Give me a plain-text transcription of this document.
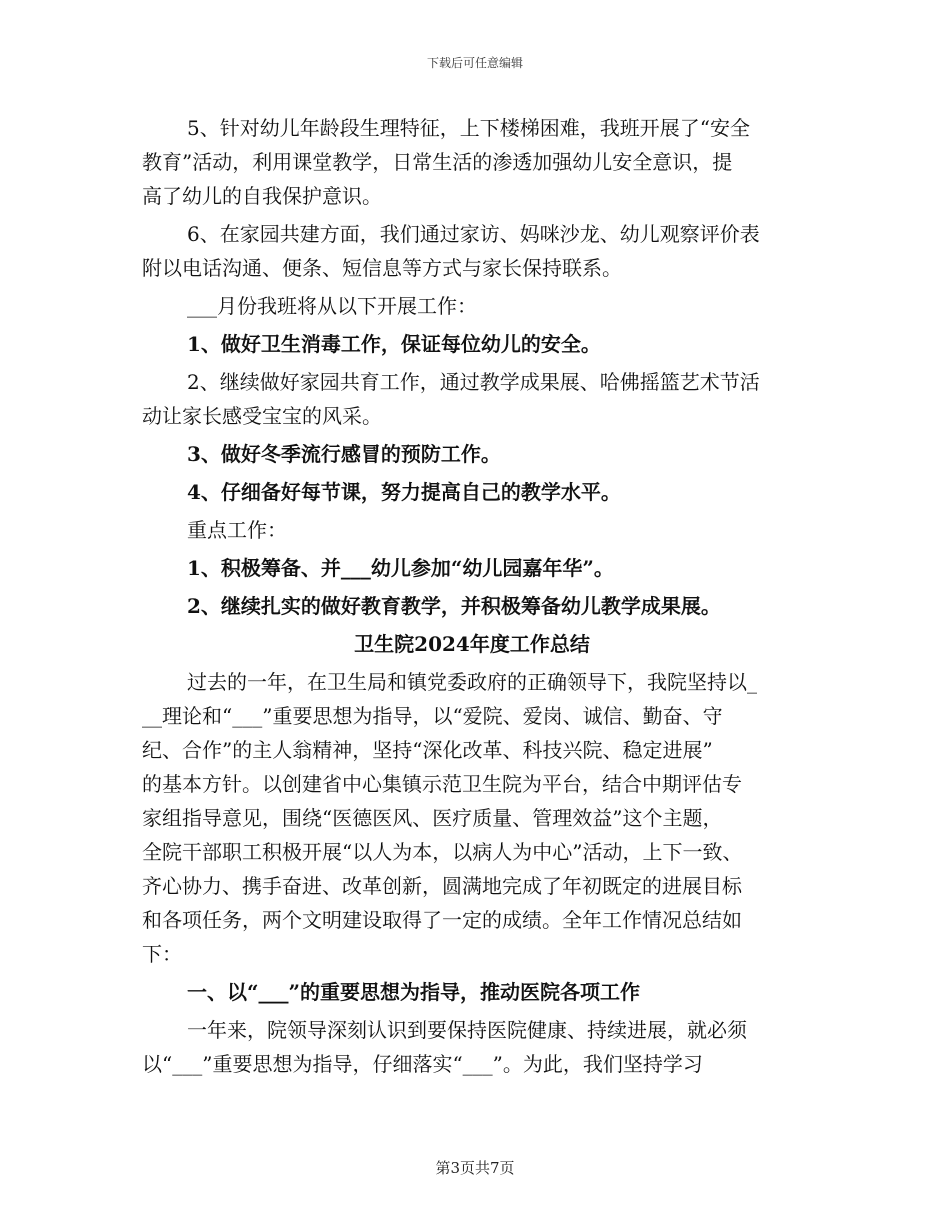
下载后可任意编辑
5、针对幼儿年龄段生理特征，上下楼梯困难，我班开展了“安全
教育”活动，利用课堂教学，日常生活的渗透加强幼儿安全意识，提
高了幼儿的自我保护意识。
6、在家园共建方面，我们通过家访、妈咪沙龙、幼儿观察评价表
附以电话沟通、便条、短信息等方式与家长保持联系。
___月份我班将从以下开展工作：
1、做好卫生消毒工作，保证每位幼儿的安全。
2、继续做好家园共育工作，通过教学成果展、哈佛摇篮艺术节活
动让家长感受宝宝的风采。
3、做好冬季流行感冒的预防工作。
4、仔细备好每节课，努力提高自己的教学水平。
重点工作：
1、积极筹备、并___幼儿参加“幼儿园嘉年华”。
2、继续扎实的做好教育教学，并积极筹备幼儿教学成果展。
卫生院2024年度工作总结
过去的一年，在卫生局和镇党委政府的正确领导下，我院坚持以_
__理论和“___”重要思想为指导，以“爱院、爱岗、诚信、勤奋、守
纪、合作”的主人翁精神，坚持“深化改革、科技兴院、稳定进展”
的基本方针。以创建省中心集镇示范卫生院为平台，结合中期评估专
家组指导意见，围绕“医德医风、医疗质量、管理效益”这个主题，
全院干部职工积极开展“以人为本，以病人为中心”活动，上下一致、
齐心协力、携手奋进、改革创新，圆满地完成了年初既定的进展目标
和各项任务，两个文明建设取得了一定的成绩。全年工作情况总结如
下：
一、以“___”的重要思想为指导，推动医院各项工作
一年来，院领导深刻认识到要保持医院健康、持续进展，就必须
以“___”重要思想为指导，仔细落实“___”。为此，我们坚持学习
第3页共7页
